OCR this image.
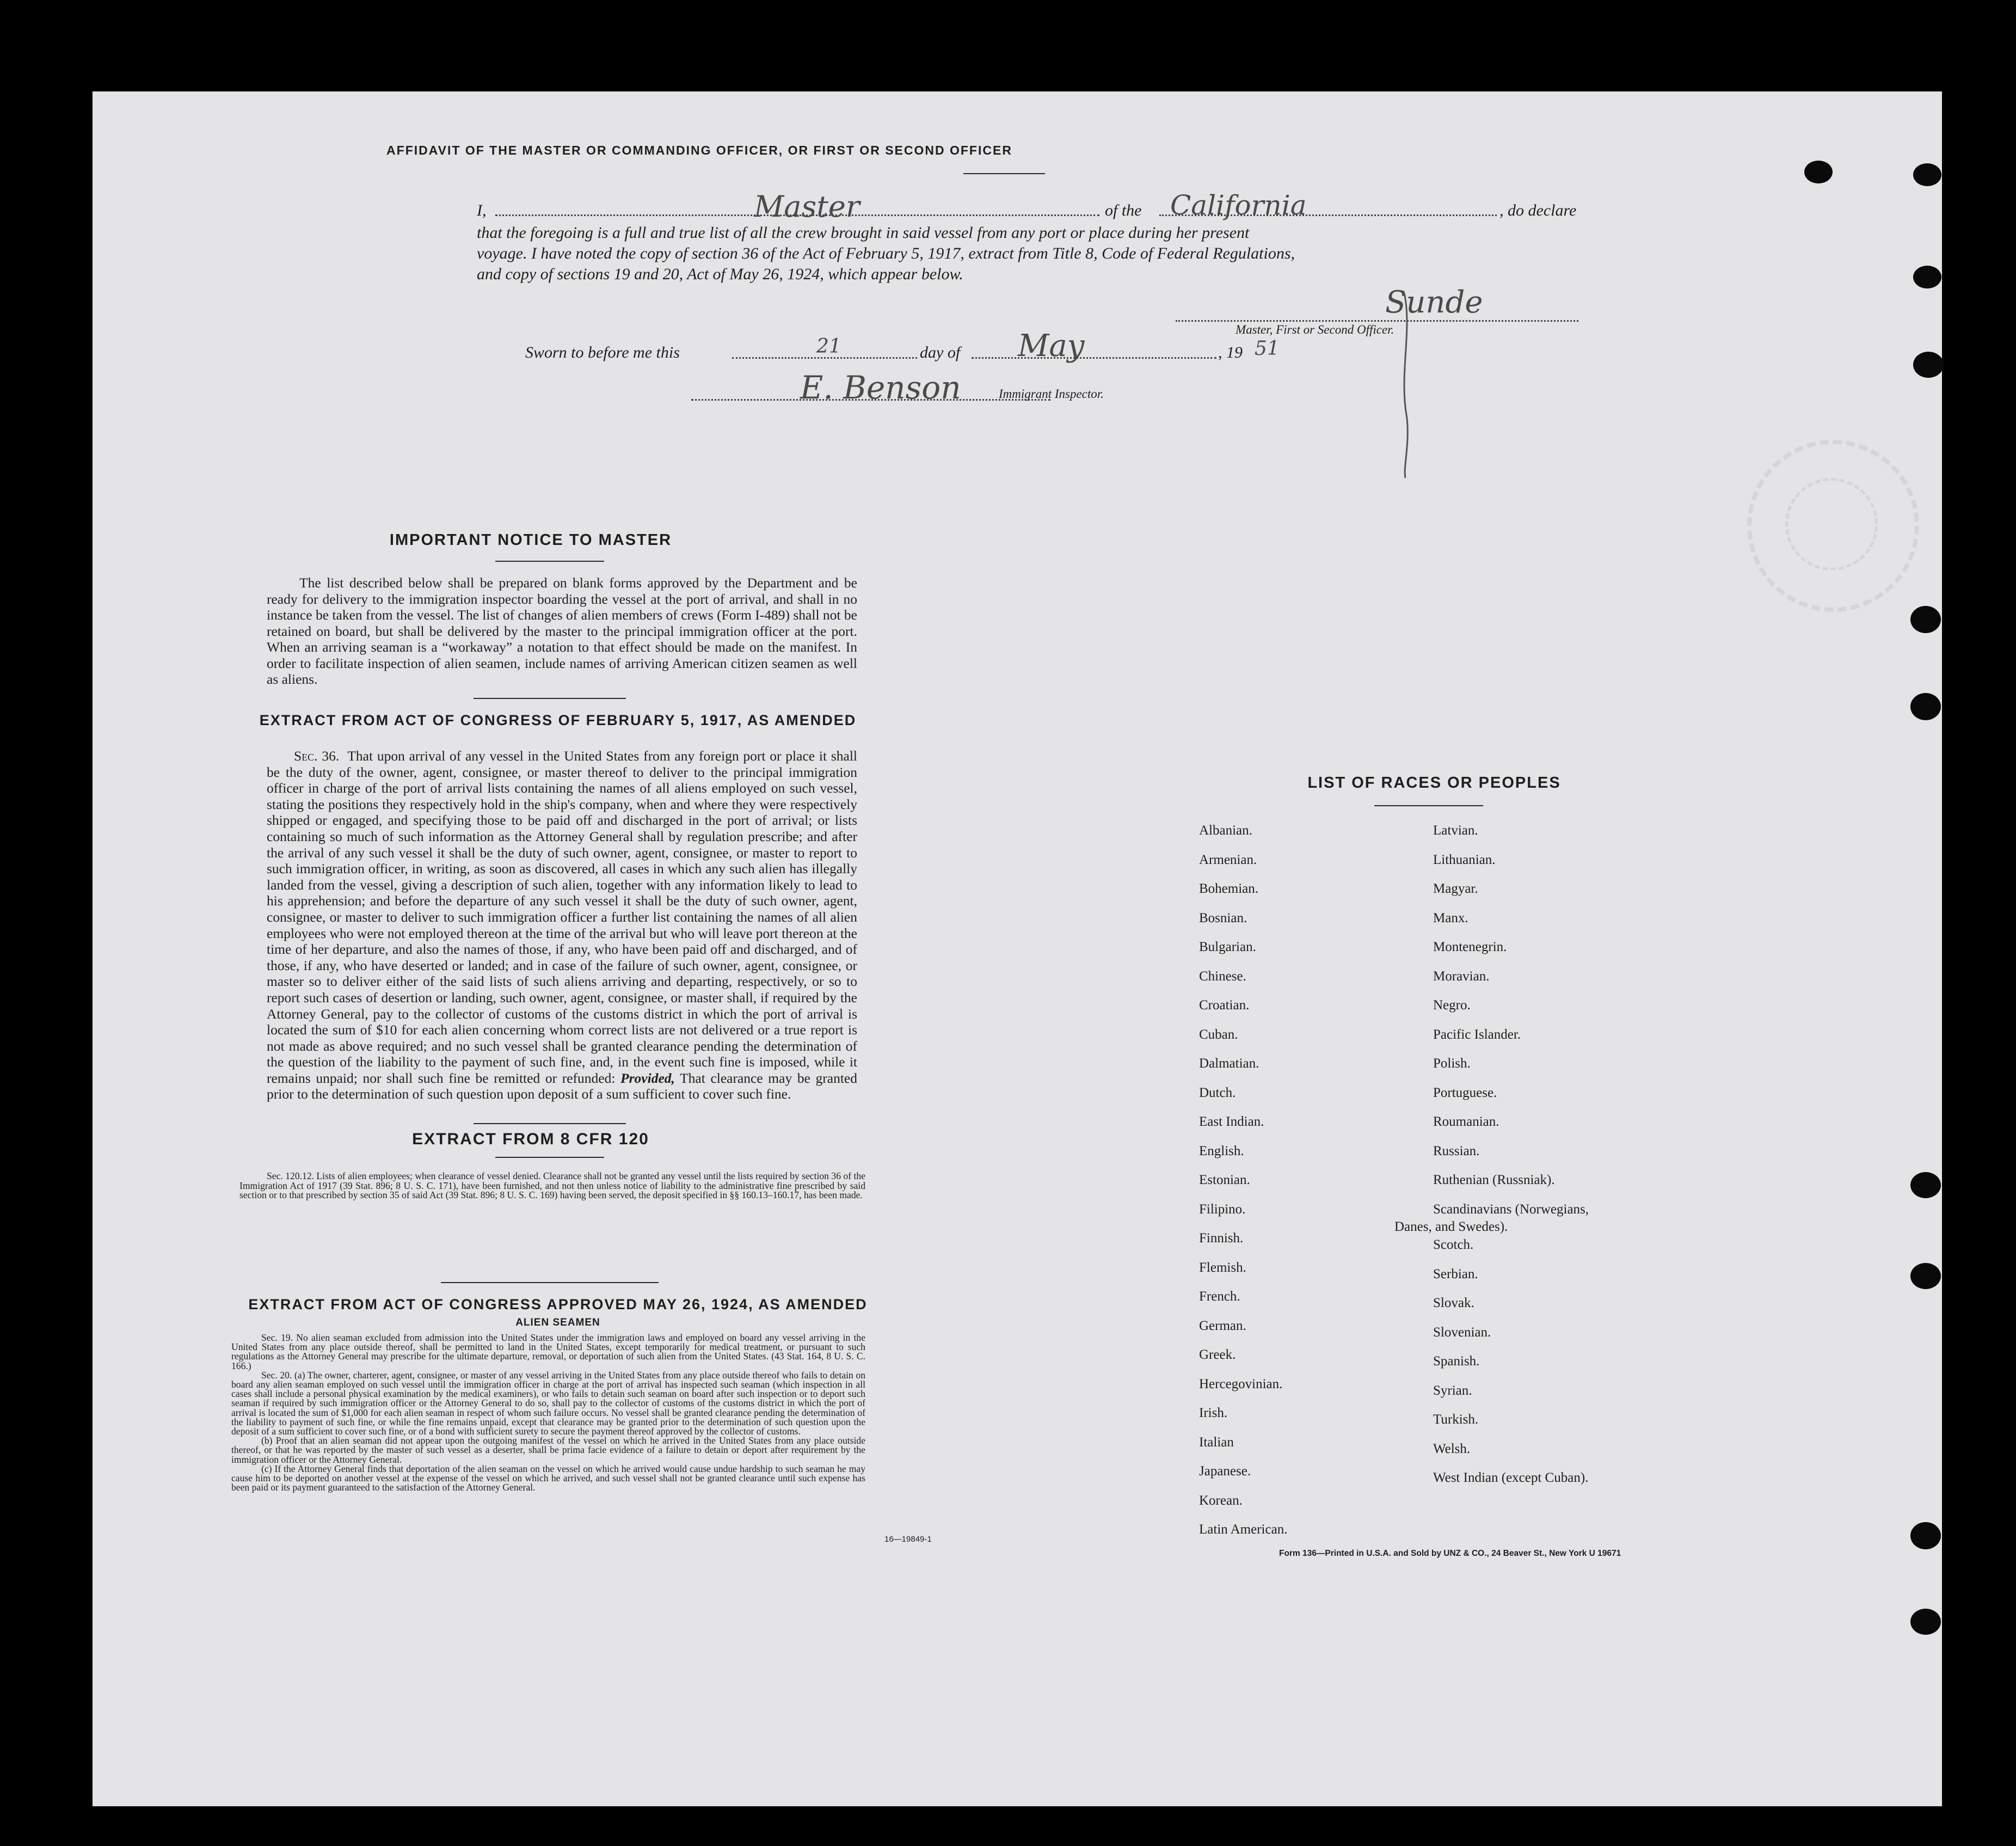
AFFIDAVIT OF THE MASTER OR COMMANDING OFFICER, OR FIRST OR SECOND OFFICER
I,	Master	of the California	, do declare
that the foregoing is a full and true list of all the crew brought in said vessel from any port or place during her present
voyage. I have noted the copy of section 36 of the Act of February 5, 1917, extract from Title 8, Code of Federal Regulations,
and copy of sections 19 and 20, Act of May 26, 1924, which appear below.
Sunde
Master, First or Second Officer.
Sworn to before me this	21	day of May	, 19 51
E. Benson	Immigrant Inspector.
IMPORTANT NOTICE TO MASTER
The list described below shall be prepared on blank forms approved by the Department and be ready for delivery to the immigration inspector boarding the vessel at the port of arrival, and shall in no instance be taken from the vessel. The list of changes of alien members of crews (Form I-489) shall not be retained on board, but shall be delivered by the master to the principal immigration officer at the port. When an arriving seaman is a “workaway” a notation to that effect should be made on the manifest. In order to facilitate inspection of alien seamen, include names of arriving American citizen seamen as well as aliens.
EXTRACT FROM ACT OF CONGRESS OF FEBRUARY 5, 1917, AS AMENDED
Sec. 36. That upon arrival of any vessel in the United States from any foreign port or place it shall be the duty of the owner, agent, consignee, or master thereof to deliver to the principal immigration officer in charge of the port of arrival lists containing the names of all aliens employed on such vessel, stating the positions they respectively hold in the ship's company, when and where they were respectively shipped or engaged, and specifying those to be paid off and discharged in the port of arrival; or lists containing so much of such information as the Attorney General shall by regulation prescribe; and after the arrival of any such vessel it shall be the duty of such owner, agent, consignee, or master to report to such immigration officer, in writing, as soon as discovered, all cases in which any such alien has illegally landed from the vessel, giving a description of such alien, together with any information likely to lead to his apprehension; and before the departure of any such vessel it shall be the duty of such owner, agent, consignee, or master to deliver to such immigration officer a further list containing the names of all alien employees who were not employed thereon at the time of the arrival but who will leave port thereon at the time of her departure, and also the names of those, if any, who have been paid off and discharged, and of those, if any, who have deserted or landed; and in case of the failure of such owner, agent, consignee, or master so to deliver either of the said lists of such aliens arriving and departing, respectively, or so to report such cases of desertion or landing, such owner, agent, consignee, or master shall, if required by the Attorney General, pay to the collector of customs of the customs district in which the port of arrival is located the sum of $10 for each alien concerning whom correct lists are not delivered or a true report is not made as above required; and no such vessel shall be granted clearance pending the determination of the question of the liability to the payment of such fine, and, in the event such fine is imposed, while it remains unpaid; nor shall such fine be remitted or refunded: Provided, That clearance may be granted prior to the determination of such question upon deposit of a sum sufficient to cover such fine.
EXTRACT FROM 8 CFR 120
Sec. 120.12. Lists of alien employees; when clearance of vessel denied. Clearance shall not be granted any vessel until the lists required by section 36 of the Immigration Act of 1917 (39 Stat. 896; 8 U. S. C. 171), have been furnished, and not then unless notice of liability to the administrative fine prescribed by said section or to that prescribed by section 35 of said Act (39 Stat. 896; 8 U. S. C. 169) having been served, the deposit specified in §§ 160.13–160.17, has been made.
EXTRACT FROM ACT OF CONGRESS APPROVED MAY 26, 1924, AS AMENDED
ALIEN SEAMEN
Sec. 19. No alien seaman excluded from admission into the United States under the immigration laws and employed on board any vessel arriving in the United States from any place outside thereof, shall be permitted to land in the United States, except temporarily for medical treatment, or pursuant to such regulations as the Attorney General may prescribe for the ultimate departure, removal, or deportation of such alien from the United States. (43 Stat. 164, 8 U. S. C. 166.)
Sec. 20. (a) The owner, charterer, agent, consignee, or master of any vessel arriving in the United States from any place outside thereof who fails to detain on board any alien seaman employed on such vessel until the immigration officer in charge at the port of arrival has inspected such seaman (which inspection in all cases shall include a personal physical examination by the medical examiners), or who fails to detain such seaman on board after such inspection or to deport such seaman if required by such immigration officer or the Attorney General to do so, shall pay to the collector of customs of the customs district in which the port of arrival is located the sum of $1,000 for each alien seaman in respect of whom such failure occurs. No vessel shall be granted clearance pending the determination of the liability to payment of such fine, or while the fine remains unpaid, except that clearance may be granted prior to the determination of such question upon the deposit of a sum sufficient to cover such fine, or of a bond with sufficient surety to secure the payment thereof approved by the collector of customs.
(b) Proof that an alien seaman did not appear upon the outgoing manifest of the vessel on which he arrived in the United States from any place outside thereof, or that he was reported by the master of such vessel as a deserter, shall be prima facie evidence of a failure to detain or deport after requirement by the immigration officer or the Attorney General.
(c) If the Attorney General finds that deportation of the alien seaman on the vessel on which he arrived would cause undue hardship to such seaman he may cause him to be deported on another vessel at the expense of the vessel on which he arrived, and such vessel shall not be granted clearance until such expense has been paid or its payment guaranteed to the satisfaction of the Attorney General.
16—19849-1
LIST OF RACES OR PEOPLES
Albanian.
Armenian.
Bohemian.
Bosnian.
Bulgarian.
Chinese.
Croatian.
Cuban.
Dalmatian.
Dutch.
East Indian.
English.
Estonian.
Filipino.
Finnish.
Flemish.
French.
German.
Greek.
Hercegovinian.
Irish.
Italian
Japanese.
Korean.
Latin American.
Latvian.
Lithuanian.
Magyar.
Manx.
Montenegrin.
Moravian.
Negro.
Pacific Islander.
Polish.
Portuguese.
Roumanian.
Russian.
Ruthenian (Russniak).
Scandinavians (Norwegians,
Scotch.
Serbian.
Slovak.
Slovenian.
Spanish.
Syrian.
Turkish.
Welsh.
West Indian (except Cuban).
Danes, and Swedes).
Form 136—Printed in U.S.A. and Sold by UNZ & CO., 24 Beaver St., New York U 19671
